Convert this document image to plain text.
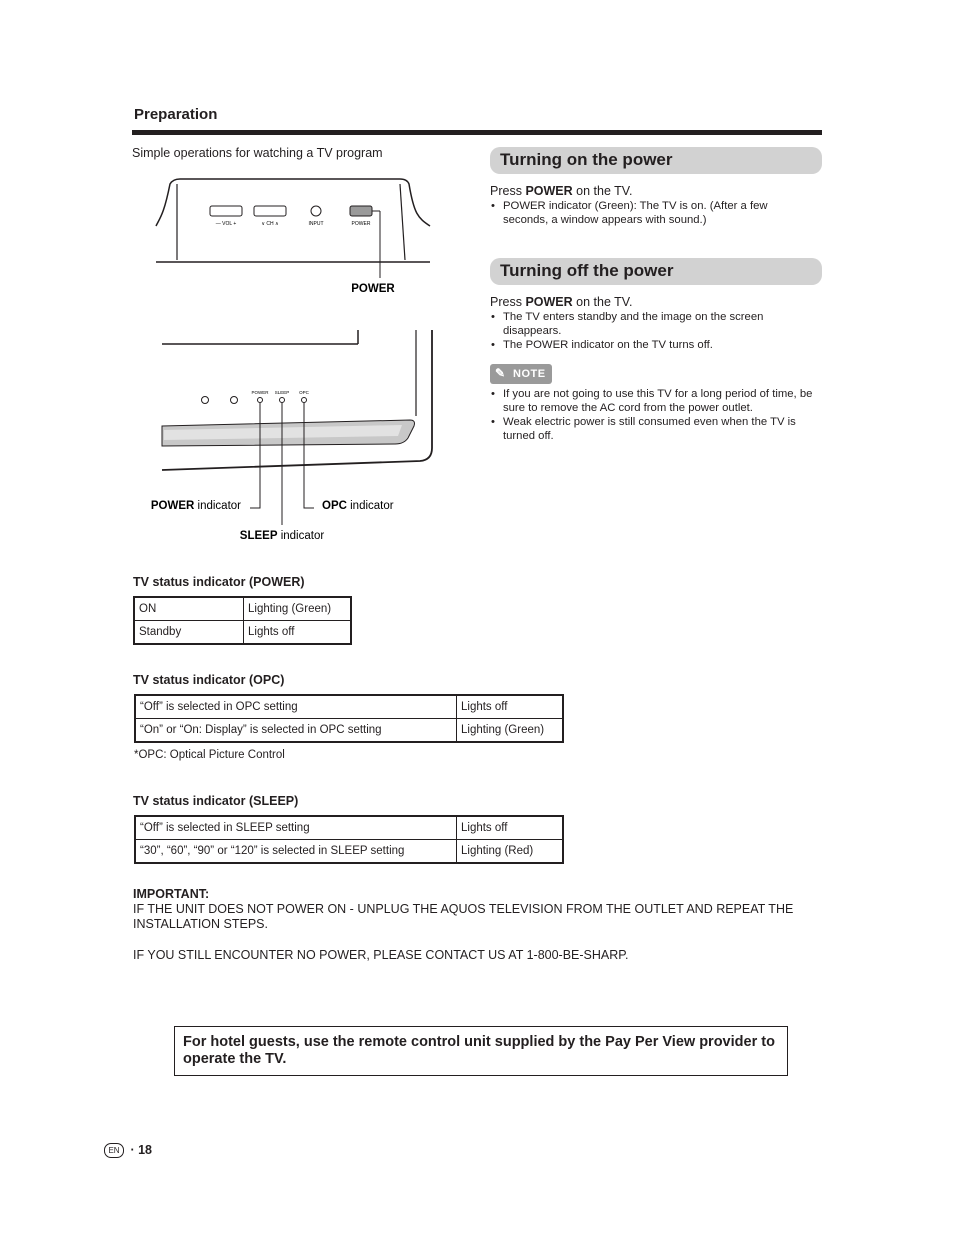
Preparation
Simple operations for watching a TV program
— VOL +	∨ CH ∧	INPUT	POWER
POWER
POWER SLEEP OPC
POWER indicator	OPC indicator
SLEEP indicator
Turning on the power
Press POWER on the TV.
• POWER indicator (Green): The TV is on. (After a few seconds, a window appears with sound.)
Turning off the power
Press POWER on the TV.
• The TV enters standby and the image on the screen disappears.
• The POWER indicator on the TV turns off.
✎ NOTE
• If you are not going to use this TV for a long period of time, be sure to remove the AC cord from the power outlet.
• Weak electric power is still consumed even when the TV is turned off.
TV status indicator (POWER)
ON	Lighting (Green)
Standby	Lights off
TV status indicator (OPC)
“Off” is selected in OPC setting	Lights off
“On” or “On: Display” is selected in OPC setting	Lighting (Green)
*OPC: Optical Picture Control
TV status indicator (SLEEP)
“Off” is selected in SLEEP setting	Lights off
“30”, “60”, “90” or “120” is selected in SLEEP setting	Lighting (Red)
IMPORTANT:
IF THE UNIT DOES NOT POWER ON - UNPLUG THE AQUOS TELEVISION FROM THE OUTLET AND REPEAT THE INSTALLATION STEPS.
IF YOU STILL ENCOUNTER NO POWER, PLEASE CONTACT US AT 1-800-BE-SHARP.
For hotel guests, use the remote control unit supplied by the Pay Per View provider to operate the TV.
EN · 18
